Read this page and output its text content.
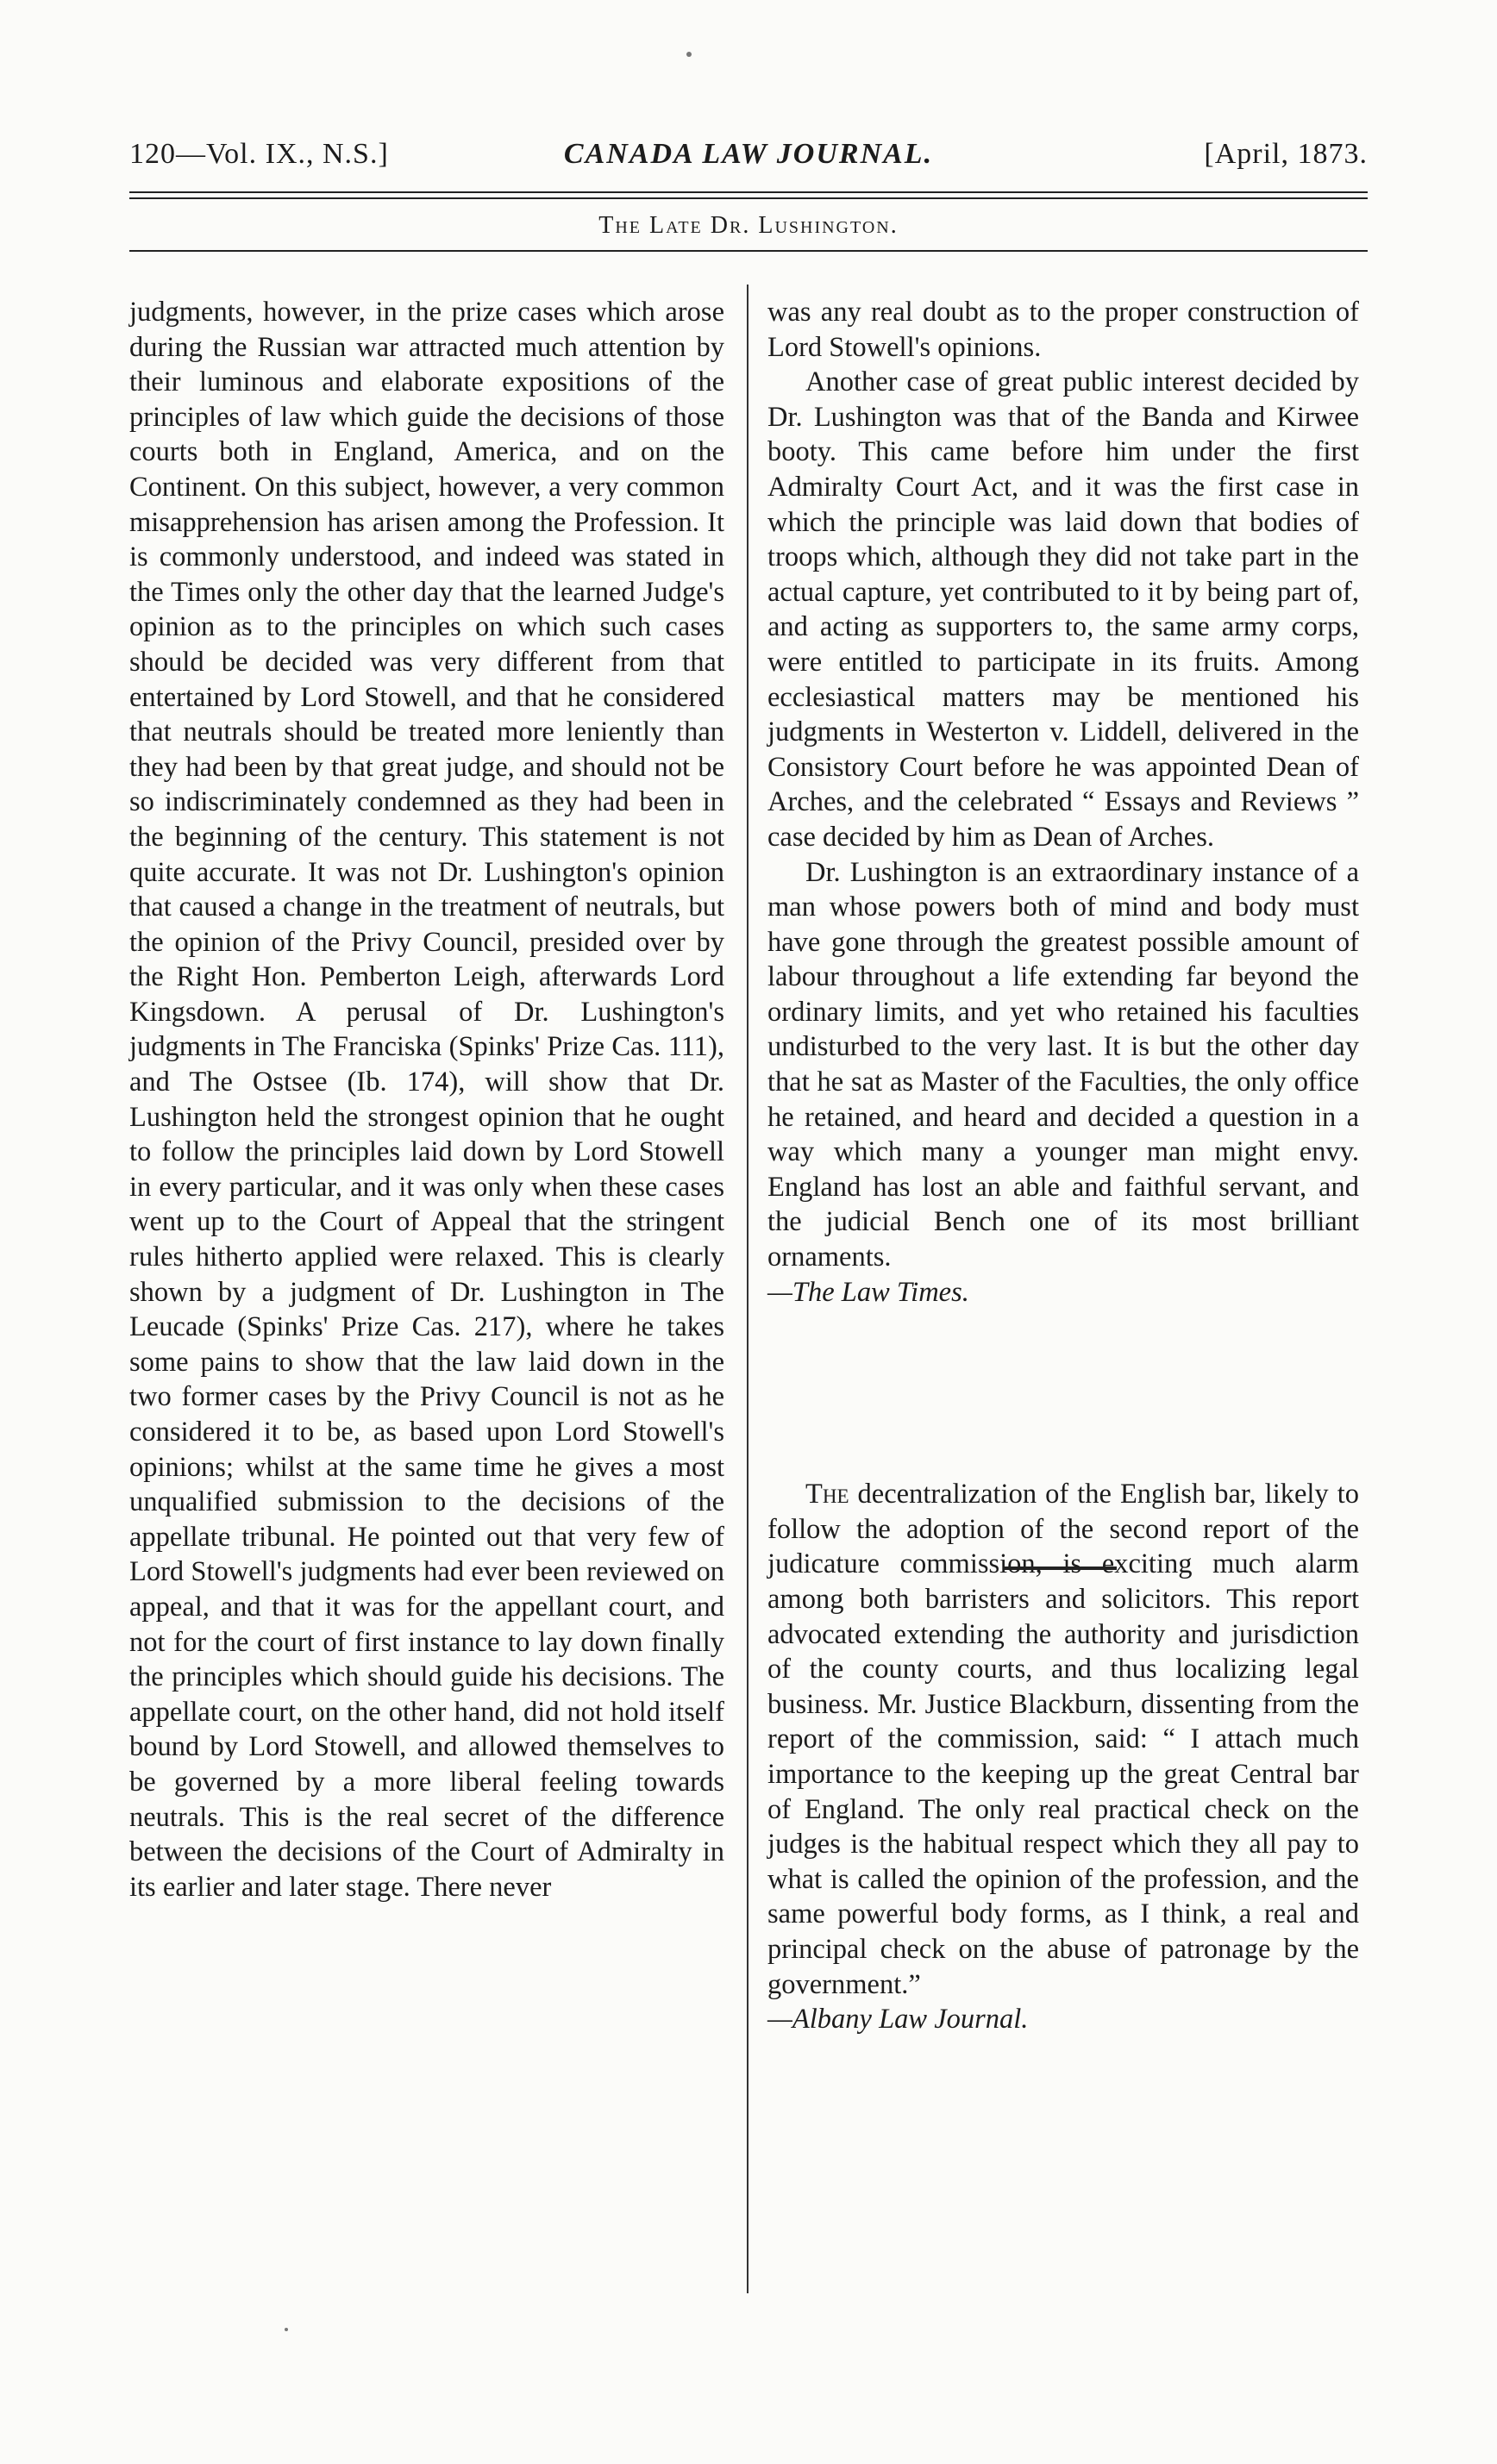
120—Vol. IX., N.S.]	CANADA LAW JOURNAL.	[April, 1873.
The Late Dr. Lushington.

judgments, however, in the prize cases which arose during the Russian war attracted much attention by their luminous and elaborate expositions of the principles of law which guide the decisions of those courts both in England, America, and on the Continent. On this subject, however, a very common misapprehension has arisen among the Profession. It is commonly understood, and indeed was stated in the Times only the other day that the learned Judge's opinion as to the principles on which such cases should be decided was very different from that entertained by Lord Stowell, and that he considered that neutrals should be treated more leniently than they had been by that great judge, and should not be so indiscriminately condemned as they had been in the beginning of the century. This statement is not quite accurate. It was not Dr. Lushington's opinion that caused a change in the treatment of neutrals, but the opinion of the Privy Council, presided over by the Right Hon. Pemberton Leigh, afterwards Lord Kingsdown. A perusal of Dr. Lushington's judgments in The Franciska (Spinks' Prize Cas. 111), and The Ostsee (Ib. 174), will show that Dr. Lushington held the strongest opinion that he ought to follow the principles laid down by Lord Stowell in every particular, and it was only when these cases went up to the Court of Appeal that the stringent rules hitherto applied were relaxed. This is clearly shown by a judgment of Dr. Lushington in The Leucade (Spinks' Prize Cas. 217), where he takes some pains to show that the law laid down in the two former cases by the Privy Council is not as he considered it to be, as based upon Lord Stowell's opinions; whilst at the same time he gives a most unqualified submission to the decisions of the appellate tribunal. He pointed out that very few of Lord Stowell's judgments had ever been reviewed on appeal, and that it was for the appellant court, and not for the court of first instance to lay down finally the principles which should guide his decisions. The appellate court, on the other hand, did not hold itself bound by Lord Stowell, and allowed themselves to be governed by a more liberal feeling towards neutrals. This is the real secret of the difference between the decisions of the Court of Admiralty in its earlier and later stage. There never

was any real doubt as to the proper construction of Lord Stowell's opinions.

Another case of great public interest decided by Dr. Lushington was that of the Banda and Kirwee booty. This came before him under the first Admiralty Court Act, and it was the first case in which the principle was laid down that bodies of troops which, although they did not take part in the actual capture, yet contributed to it by being part of, and acting as supporters to, the same army corps, were entitled to participate in its fruits. Among ecclesiastical matters may be mentioned his judgments in Westerton v. Liddell, delivered in the Consistory Court before he was appointed Dean of Arches, and the celebrated “ Essays and Reviews ” case decided by him as Dean of Arches.

Dr. Lushington is an extraordinary instance of a man whose powers both of mind and body must have gone through the greatest possible amount of labour throughout a life extending far beyond the ordinary limits, and yet who retained his faculties undisturbed to the very last. It is but the other day that he sat as Master of the Faculties, the only office he retained, and heard and decided a question in a way which many a younger man might envy. England has lost an able and faithful servant, and the judicial Bench one of its most brilliant ornaments.

—The Law Times.

The decentralization of the English bar, likely to follow the adoption of the second report of the judicature commission, is exciting much alarm among both barristers and solicitors. This report advocated extending the authority and jurisdiction of the county courts, and thus localizing legal business. Mr. Justice Blackburn, dissenting from the report of the commission, said: “ I attach much importance to the keeping up the great Central bar of England. The only real practical check on the judges is the habitual respect which they all pay to what is called the opinion of the profession, and the same powerful body forms, as I think, a real and principal check on the abuse of patronage by the government.”

—Albany Law Journal.
